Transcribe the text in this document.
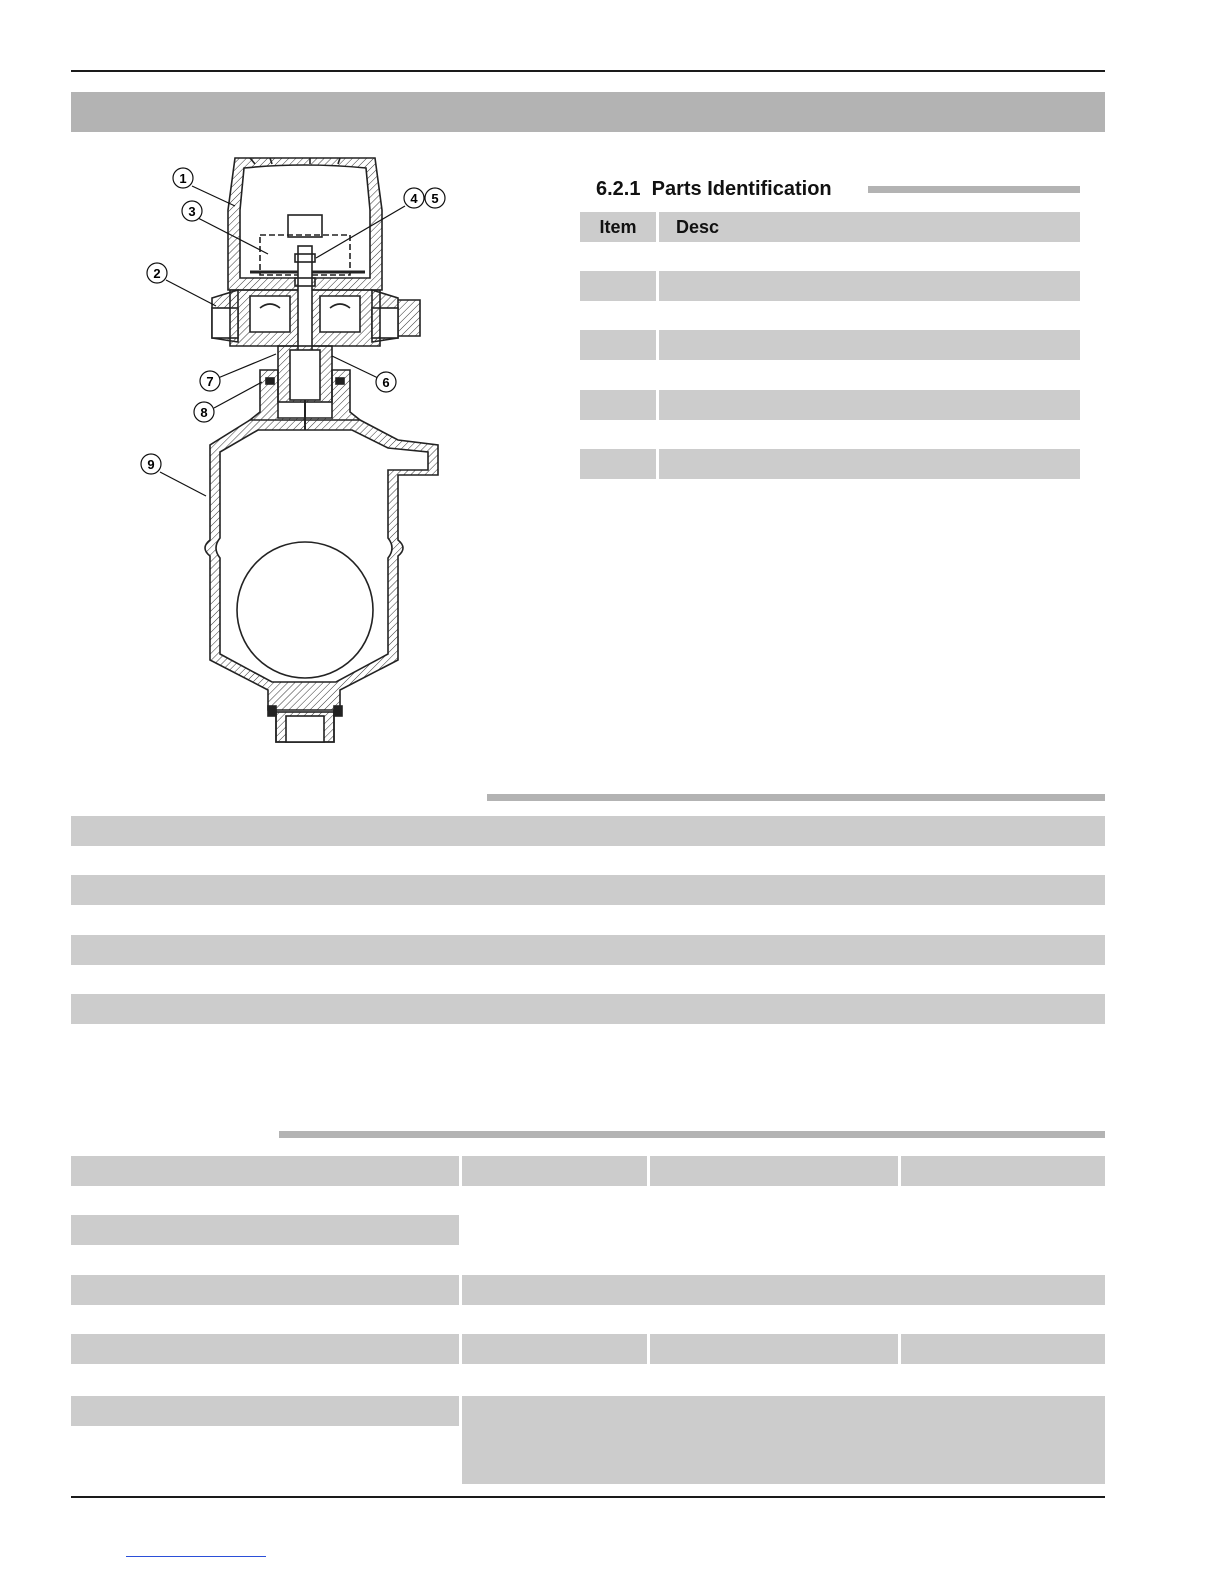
1
3
2
4 5
7	6
8
9
6.2.1 Parts Identification
Item	Desc
